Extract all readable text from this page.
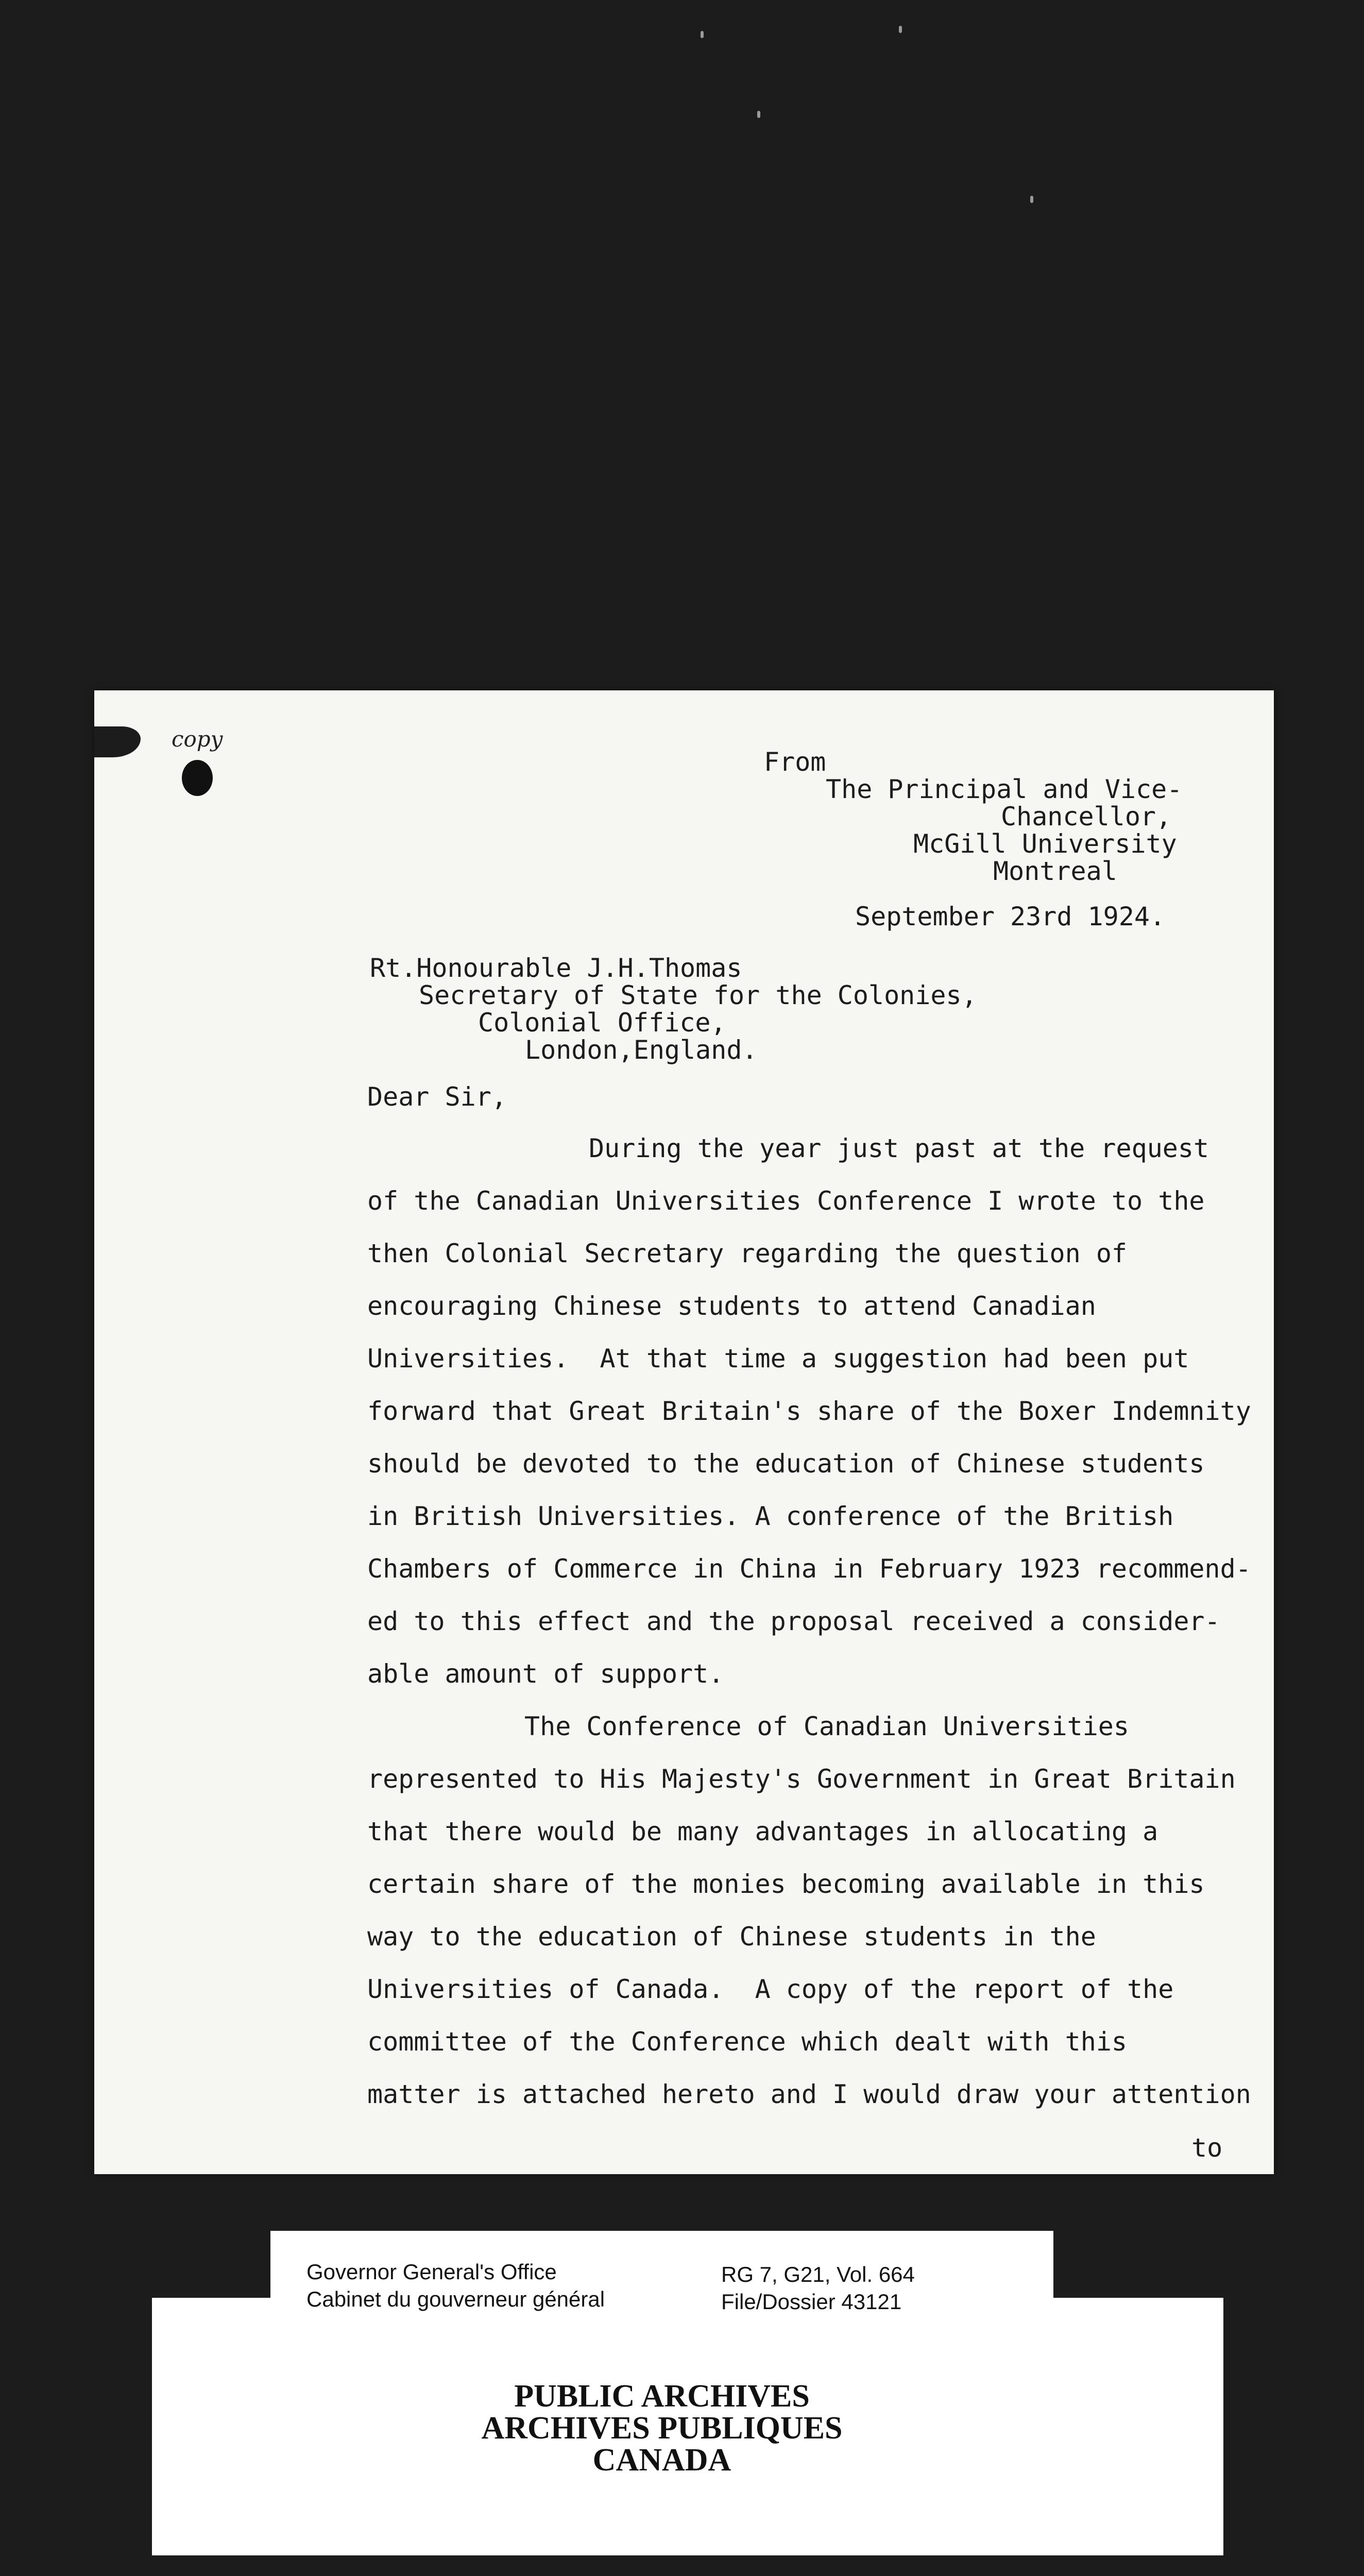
copy
From
The Principal and Vice-
Chancellor,
McGill University
Montreal
September 23rd 1924.
Rt.Honourable J.H.Thomas
Secretary of State for the Colonies,
Colonial Office,
London,England.
Dear Sir,
During the year just past at the request
of the Canadian Universities Conference I wrote to the
then Colonial Secretary regarding the question of
encouraging Chinese students to attend Canadian
Universities.  At that time a suggestion had been put
forward that Great Britain's share of the Boxer Indemnity
should be devoted to the education of Chinese students
in British Universities. A conference of the British
Chambers of Commerce in China in February 1923 recommend-
ed to this effect and the proposal received a consider-
able amount of support.
The Conference of Canadian Universities
represented to His Majesty's Government in Great Britain
that there would be many advantages in allocating a
certain share of the monies becoming available in this
way to the education of Chinese students in the
Universities of Canada.  A copy of the report of the
committee of the Conference which dealt with this
matter is attached hereto and I would draw your attention
to
Governor General's Office
Cabinet du gouverneur général
RG 7, G21, Vol. 664
File/Dossier 43121
PUBLIC ARCHIVES
ARCHIVES PUBLIQUES
CANADA
